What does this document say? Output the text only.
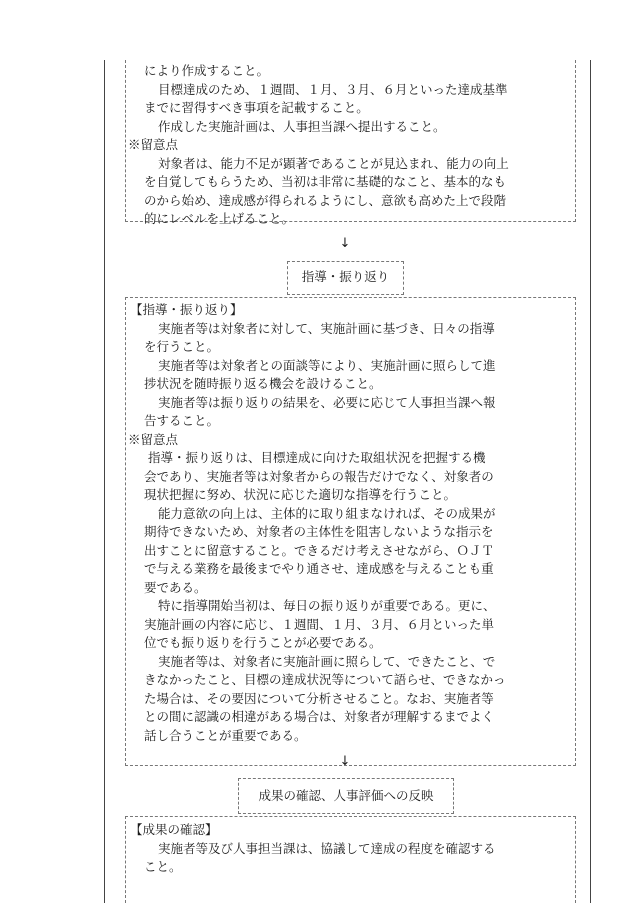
により作成すること。

目標達成のため、１週間、１月、３月、６月といった達成基準

までに習得すべき事項を記載すること。

作成した実施計画は、人事担当課へ提出すること。

※留意点

対象者は、能力不足が顕著であることが見込まれ、能力の向上

を自覚してもらうため、当初は非常に基礎的なこと、基本的なも

のから始め、達成感が得られるようにし、意欲も高めた上で段階

的にレベルを上げること。

↓
指導・振り返り

【指導・振り返り】

実施者等は対象者に対して、実施計画に基づき、日々の指導

を行うこと。

実施者等は対象者との面談等により、実施計画に照らして進

捗状況を随時振り返る機会を設けること。

実施者等は振り返りの結果を、必要に応じて人事担当課へ報

告すること。

※留意点

指導・振り返りは、目標達成に向けた取組状況を把握する機

会であり、実施者等は対象者からの報告だけでなく、対象者の

現状把握に努め、状況に応じた適切な指導を行うこと。

能力意欲の向上は、主体的に取り組まなければ、その成果が

期待できないため、対象者の主体性を阻害しないような指示を

出すことに留意すること。できるだけ考えさせながら、ＯＪＴ

で与える業務を最後までやり通させ、達成感を与えることも重

要である。

特に指導開始当初は、毎日の振り返りが重要である。更に、

実施計画の内容に応じ、１週間、１月、３月、６月といった単

位でも振り返りを行うことが必要である。

実施者等は、対象者に実施計画に照らして、できたこと、で

きなかったこと、目標の達成状況等について語らせ、できなかっ

た場合は、その要因について分析させること。なお、実施者等

との間に認識の相違がある場合は、対象者が理解するまでよく

話し合うことが重要である。

↓
成果の確認、人事評価への反映

【成果の確認】

実施者等及び人事担当課は、協議して達成の程度を確認する

こと。
